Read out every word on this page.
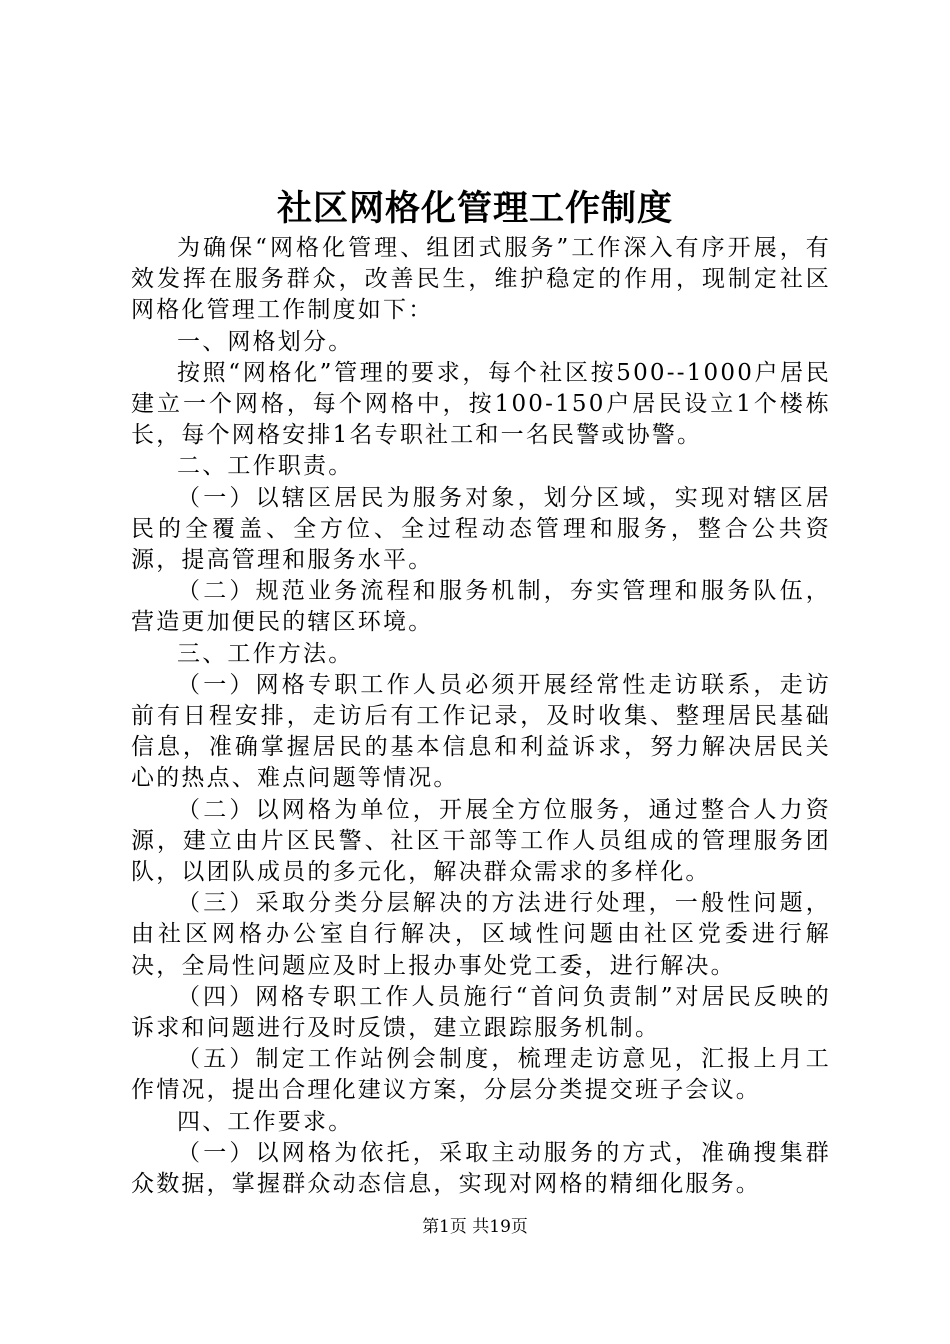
社区网格化管理工作制度

为确保“网格化管理、组团式服务”工作深入有序开展，有效发挥在服务群众，改善民生，维护稳定的作用，现制定社区网格化管理工作制度如下：

一、网格划分。

按照“网格化”管理的要求，每个社区按500--1000户居民建立一个网格，每个网格中，按100-150户居民设立1个楼栋长，每个网格安排1名专职社工和一名民警或协警。

二、工作职责。

（一）以辖区居民为服务对象，划分区域，实现对辖区居民的全覆盖、全方位、全过程动态管理和服务，整合公共资源，提高管理和服务水平。

（二）规范业务流程和服务机制，夯实管理和服务队伍，营造更加便民的辖区环境。

三、工作方法。

（一）网格专职工作人员必须开展经常性走访联系，走访前有日程安排，走访后有工作记录，及时收集、整理居民基础信息，准确掌握居民的基本信息和利益诉求，努力解决居民关心的热点、难点问题等情况。

（二）以网格为单位，开展全方位服务，通过整合人力资源，建立由片区民警、社区干部等工作人员组成的管理服务团队，以团队成员的多元化，解决群众需求的多样化。

（三）采取分类分层解决的方法进行处理，一般性问题，由社区网格办公室自行解决，区域性问题由社区党委进行解决，全局性问题应及时上报办事处党工委，进行解决。

（四）网格专职工作人员施行“首问负责制”对居民反映的诉求和问题进行及时反馈，建立跟踪服务机制。

（五）制定工作站例会制度，梳理走访意见，汇报上月工作情况，提出合理化建议方案，分层分类提交班子会议。

四、工作要求。

（一）以网格为依托，采取主动服务的方式，准确搜集群众数据，掌握群众动态信息，实现对网格的精细化服务。

第1页 共19页
